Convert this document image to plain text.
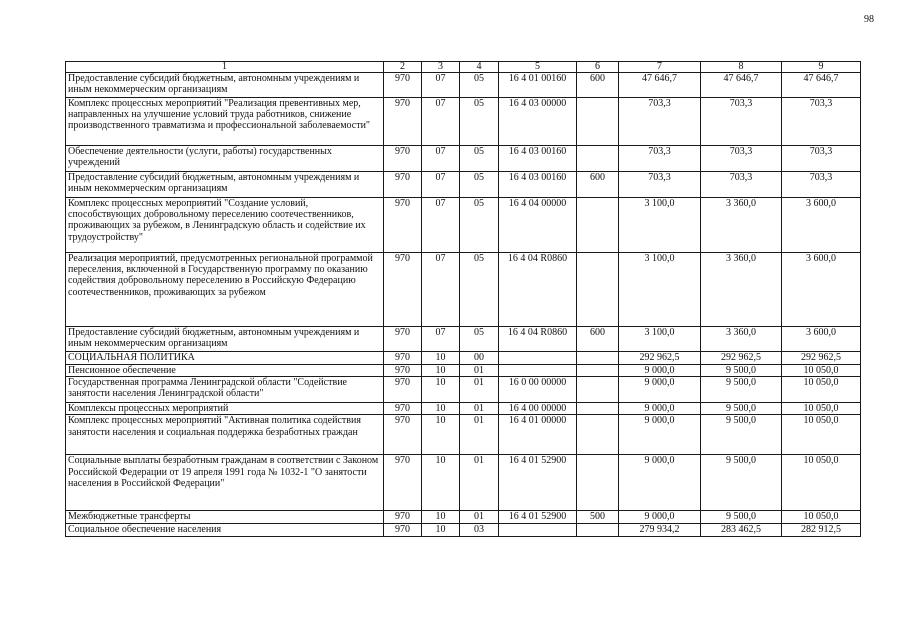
98
1	2	3	4	5	6	7	8	9
Предоставление субсидий бюджетным, автономным учреждениям и иным некоммерческим организациям	970	07	05	16 4 01 00160	600	47 646,7	47 646,7	47 646,7
Комплекс процессных мероприятий "Реализация превентивных мер, направленных на улучшение условий труда работников, снижение производственного травматизма и профессиональной заболеваемости"	970	07	05	16 4 03 00000		703,3	703,3	703,3
Обеспечение деятельности (услуги, работы) государственных учреждений	970	07	05	16 4 03 00160		703,3	703,3	703,3
Предоставление субсидий бюджетным, автономным учреждениям и иным некоммерческим организациям	970	07	05	16 4 03 00160	600	703,3	703,3	703,3
Комплекс процессных мероприятий "Создание условий, способствующих добровольному переселению соотечественников, проживающих за рубежом, в Ленинградскую область и содействие их трудоустройству"	970	07	05	16 4 04 00000		3 100,0	3 360,0	3 600,0
Реализация мероприятий, предусмотренных региональной программой переселения, включенной в Государственную программу по оказанию содействия добровольному переселению в Российскую Федерацию соотечественников, проживающих за рубежом	970	07	05	16 4 04 R0860		3 100,0	3 360,0	3 600,0
Предоставление субсидий бюджетным, автономным учреждениям и иным некоммерческим организациям	970	07	05	16 4 04 R0860	600	3 100,0	3 360,0	3 600,0
СОЦИАЛЬНАЯ ПОЛИТИКА	970	10	00			292 962,5	292 962,5	292 962,5
Пенсионное обеспечение	970	10	01			9 000,0	9 500,0	10 050,0
Государственная программа Ленинградской области "Содействие занятости населения Ленинградской области"	970	10	01	16 0 00 00000		9 000,0	9 500,0	10 050,0
Комплексы процессных мероприятий	970	10	01	16 4 00 00000		9 000,0	9 500,0	10 050,0
Комплекс процессных мероприятий "Активная политика содействия занятости населения и социальная поддержка безработных граждан	970	10	01	16 4 01 00000		9 000,0	9 500,0	10 050,0
Социальные выплаты безработным гражданам в соответствии с Законом Российской Федерации от 19 апреля 1991 года № 1032-1 "О занятости населения в Российской Федерации"	970	10	01	16 4 01 52900		9 000,0	9 500,0	10 050,0
Межбюджетные трансферты	970	10	01	16 4 01 52900	500	9 000,0	9 500,0	10 050,0
Социальное обеспечение населения	970	10	03			279 934,2	283 462,5	282 912,5
